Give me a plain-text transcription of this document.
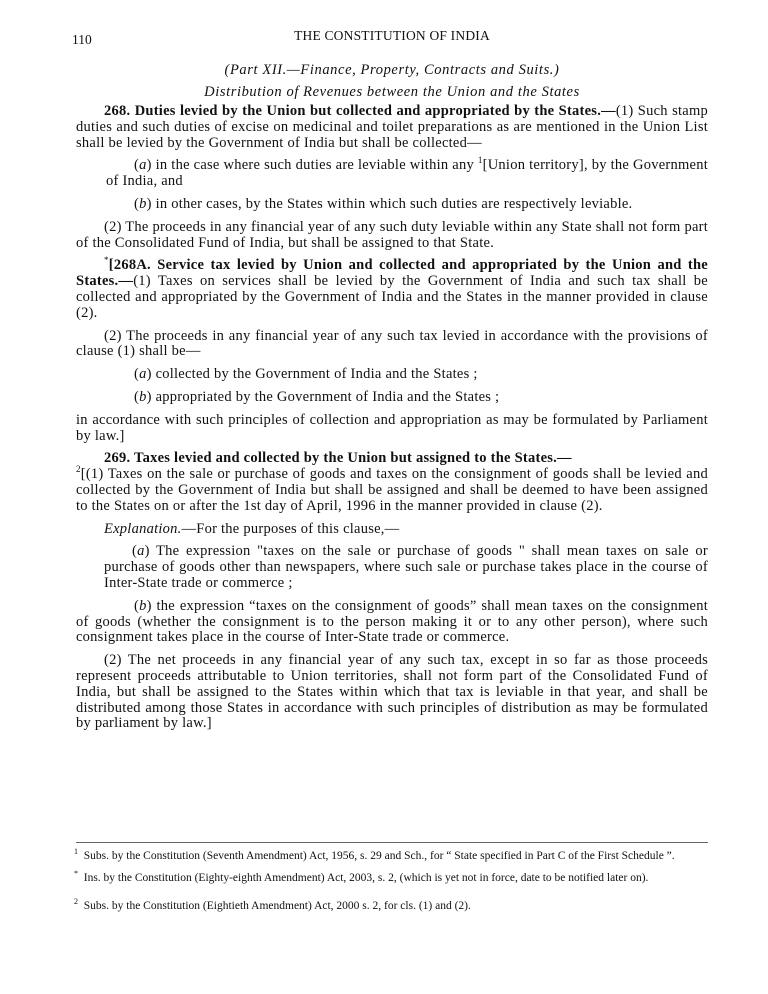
110	THE CONSTITUTION OF INDIA
(Part XII.—Finance, Property, Contracts and Suits.)
Distribution of Revenues between the Union and the States

268. Duties levied by the Union but collected and appropriated by the States.—(1) Such stamp duties and such duties of excise on medicinal and toilet preparations as are mentioned in the Union List shall be levied by the Government of India but shall be collected—

(a) in the case where such duties are leviable within any $^1$[Union territory], by the Government of India, and

(b) in other cases, by the States within which such duties are respectively leviable.

(2) The proceeds in any financial year of any such duty leviable within any State shall not form part of the Consolidated Fund of India, but shall be assigned to that State.

*[268A. Service tax levied by Union and collected and appropriated by the Union and the States.—(1) Taxes on services shall be levied by the Government of India and such tax shall be collected and appropriated by the Government of India and the States in the manner provided in clause (2).

(2) The proceeds in any financial year of any such tax levied in accordance with the provisions of clause (1) shall be—

(a) collected by the Government of India and the States ;

(b) appropriated by the Government of India and the States ;

in accordance with such principles of collection and appropriation as may be formulated by Parliament by law.]

269. Taxes levied and collected by the Union but assigned to the States.—
$^2$[(1) Taxes on the sale or purchase of goods and taxes on the consignment of goods shall be levied and collected by the Government of India but shall be assigned and shall be deemed to have been assigned to the States on or after the 1st day of April, 1996 in the manner provided in clause (2).

Explanation.—For the purposes of this clause,—

(a) The expression "taxes on the sale or purchase of goods " shall mean taxes on sale or purchase of goods other than newspapers, where such sale or purchase takes place in the course of Inter-State trade or commerce ;

(b) the expression “taxes on the consignment of goods” shall mean taxes on the consignment of goods (whether the consignment is to the person making it or to any other person), where such consignment takes place in the course of Inter-State trade or commerce.

(2) The net proceeds in any financial year of any such tax, except in so far as those proceeds represent proceeds attributable to Union territories, shall not form part of the Consolidated Fund of India, but shall be assigned to the States within which that tax is leviable in that year, and shall be distributed among those States in accordance with such principles of distribution as may be formulated by parliament by law.]

$^1$ Subs. by the Constitution (Seventh Amendment) Act, 1956, s. 29 and Sch., for “ State specified in Part C of the First Schedule ”.

* Ins. by the Constitution (Eighty-eighth Amendment) Act, 2003, s. 2, (which is yet not in force, date to be notified later on).

$^2$ Subs. by the Constitution (Eightieth Amendment) Act, 2000 s. 2, for cls. (1) and (2).
